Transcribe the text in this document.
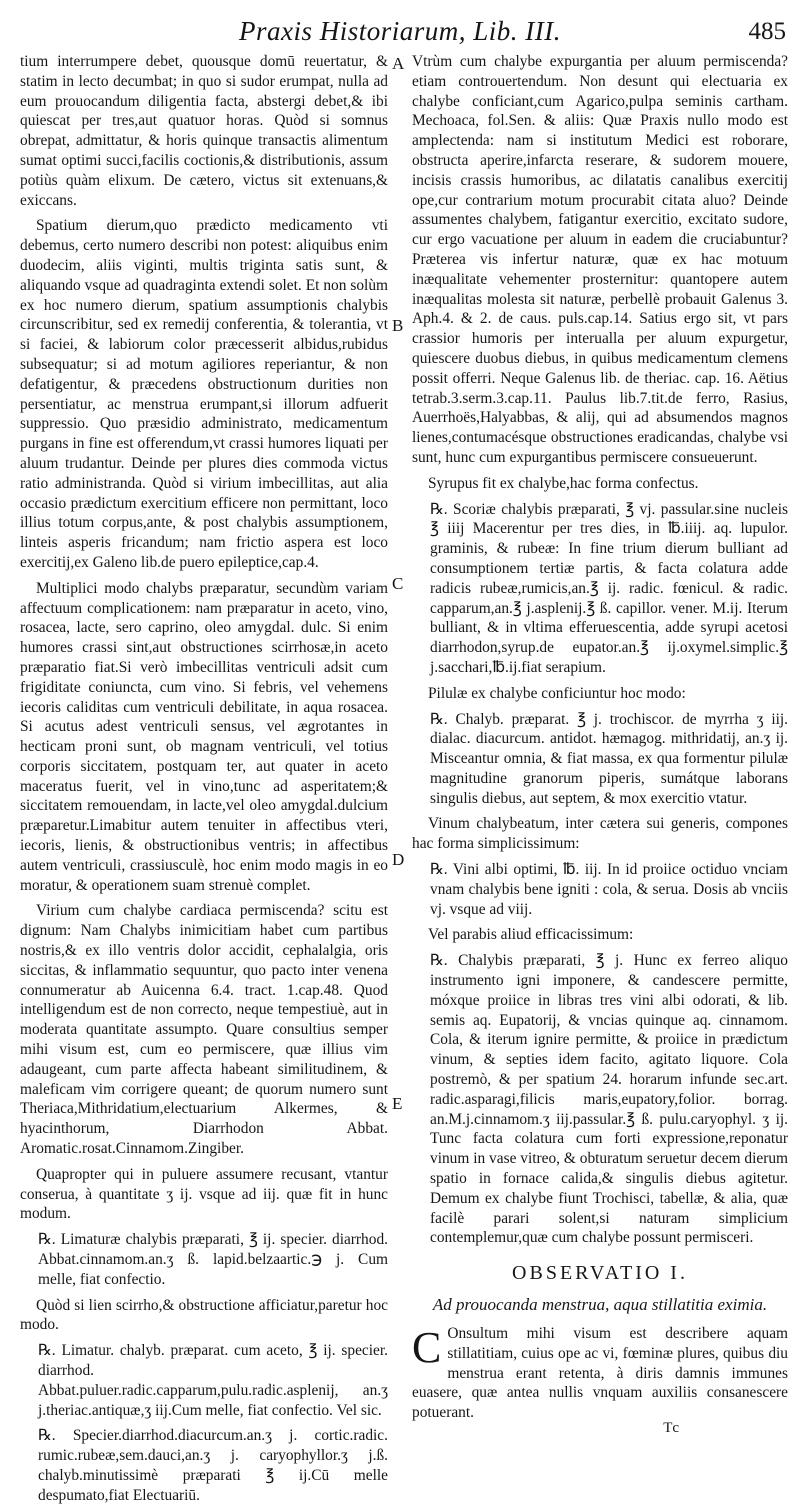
Praxis Historiarum, Lib. III.	485
A
B
C
D
E

tium interrumpere debet, quousque domū reuertatur, & statim in lecto decumbat; in quo si sudor erumpat, nulla ad eum prouocandum diligentia facta, abstergi debet,& ibi quiescat per tres,aut quatuor horas. Quòd si somnus obrepat, admittatur, & horis quinque transactis alimentum sumat optimi succi,facilis coctionis,& distributionis, assum potiùs quàm elixum. De cætero, victus sit extenuans,& exiccans.

Spatium dierum,quo prædicto medicamento vti debemus, certo numero describi non potest: aliquibus enim duodecim, aliis viginti, multis triginta satis sunt, & aliquando vsque ad quadraginta extendi solet. Et non solùm ex hoc numero dierum, spatium assumptionis chalybis circunscribitur, sed ex remedij conferentia, & tolerantia, vt si faciei, & labiorum color præcesserit albidus,rubidus subsequatur; si ad motum agiliores reperiantur, & non defatigentur, & præcedens obstructionum durities non persentiatur, ac menstrua erumpant,si illorum adfuerit suppressio. Quo præsidio administrato, medicamentum purgans in fine est offerendum,vt crassi humores liquati per aluum trudantur. Deinde per plures dies commoda victus ratio administranda. Quòd si virium imbecillitas, aut alia occasio prædictum exercitium efficere non permittant, loco illius totum corpus,ante, & post chalybis assumptionem, linteis asperis fricandum; nam frictio aspera est loco exercitij,ex Galeno lib.de puero epileptice,cap.4.

Multiplici modo chalybs præparatur, secundùm variam affectuum complicationem: nam præparatur in aceto, vino, rosacea, lacte, sero caprino, oleo amygdal. dulc. Si enim humores crassi sint,aut obstructiones scirrhosæ,in aceto præparatio fiat.Si verò imbecillitas ventriculi adsit cum frigiditate coniuncta, cum vino. Si febris, vel vehemens iecoris caliditas cum ventriculi debilitate, in aqua rosacea. Si acutus adest ventriculi sensus, vel ægrotantes in hecticam proni sunt, ob magnam ventriculi, vel totius corporis siccitatem, postquam ter, aut quater in aceto maceratus fuerit, vel in vino,tunc ad asperitatem;& siccitatem remouendam, in lacte,vel oleo amygdal.dulcium præparetur.Limabitur autem tenuiter in affectibus vteri, iecoris, lienis, & obstructionibus ventris; in affectibus autem ventriculi, crassiusculè, hoc enim modo magis in eo moratur, & operationem suam strenuè complet.

Virium cum chalybe cardiaca permiscenda? scitu est dignum: Nam Chalybs inimicitiam habet cum partibus nostris,& ex illo ventris dolor accidit, cephalalgia, oris siccitas, & inflammatio sequuntur, quo pacto inter venena connumeratur ab Auicenna 6.4. tract. 1.cap.48. Quod intelligendum est de non correcto, neque tempestiuè, aut in moderata quantitate assumpto. Quare consultius semper mihi visum est, cum eo permiscere, quæ illius vim adaugeant, cum parte affecta habeant similitudinem, & maleficam vim corrigere queant; de quorum numero sunt Theriaca,Mithridatium,electuarium Alkermes, & hyacinthorum, Diarrhodon Abbat. Aromatic.rosat.Cinnamom.Zingiber.

Quapropter qui in puluere assumere recusant, vtantur conserua, à quantitate ʒ ij. vsque ad iij. quæ fit in hunc modum.

℞. Limaturæ chalybis præparati, ℥ ij. specier. diarrhod. Abbat.cinnamom.an.ʒ ß. lapid.belzaartic.℈ j. Cum melle, fiat confectio.

Quòd si lien scirrho,& obstructione afficiatur,paretur hoc modo.

℞. Limatur. chalyb. præparat. cum aceto, ℥ ij. specier. diarrhod. Abbat.puluer.radic.capparum,pulu.radic.asplenij, an.ʒ j.theriac.antiquæ,ʒ iij.Cum melle, fiat confectio. Vel sic.

℞. Specier.diarrhod.diacurcum.an.ʒ j. cortic.radic. rumic.rubeæ,sem.dauci,an.ʒ j. caryophyllor.ʒ j.ß. chalyb.minutissimè præparati ℥ ij.Cū melle despumato,fiat Electuariū.

Vtrùm cum chalybe expurgantia per aluum permiscenda? etiam controuertendum. Non desunt qui electuaria ex chalybe conficiant,cum Agarico,pulpa seminis cartham. Mechoaca, fol.Sen. & aliis: Quæ Praxis nullo modo est amplectenda: nam si institutum Medici est roborare, obstructa aperire,infarcta reserare, & sudorem mouere, incisis crassis humoribus, ac dilatatis canalibus exercitij ope,cur contrarium motum procurabit citata aluo? Deinde assumentes chalybem, fatigantur exercitio, excitato sudore, cur ergo vacuatione per aluum in eadem die cruciabuntur? Præterea vis infertur naturæ, quæ ex hac motuum inæqualitate vehementer prosternitur: quantopere autem inæqualitas molesta sit naturæ, perbellè probauit Galenus 3. Aph.4. & 2. de caus. puls.cap.14. Satius ergo sit, vt pars crassior humoris per interualla per aluum expurgetur, quiescere duobus diebus, in quibus medicamentum clemens possit offerri. Neque Galenus lib. de theriac. cap. 16. Aëtius tetrab.3.serm.3.cap.11. Paulus lib.7.tit.de ferro, Rasius, Auerrhoës,Halyabbas, & alij, qui ad absumendos magnos lienes,contumacésque obstructiones eradicandas, chalybe vsi sunt, hunc cum expurgantibus permiscere consueuerunt.

Syrupus fit ex chalybe,hac forma confectus.

℞. Scoriæ chalybis præparati, ℥ vj. passular.sine nucleis ℥ iiij Macerentur per tres dies, in ℔.iiij. aq. lupulor. graminis, & rubeæ: In fine trium dierum bulliant ad consumptionem tertiæ partis, & facta colatura adde radicis rubeæ,rumicis,an.℥ ij. radic. fœnicul. & radic. capparum,an.℥ j.asplenij.℥ ß. capillor. vener. M.ij. Iterum bulliant, & in vltima efferuescentia, adde syrupi acetosi diarrhodon,syrup.de eupator.an.℥ ij.oxymel.simplic.℥ j.sacchari,℔.ij.fiat serapium.

Pilulæ ex chalybe conficiuntur hoc modo:

℞. Chalyb. præparat. ℥ j. trochiscor. de myrrha ʒ iij. dialac. diacurcum. antidot. hæmagog. mithridatij, an.ʒ ij. Misceantur omnia, & fiat massa, ex qua formentur pilulæ magnitudine granorum piperis, sumátque laborans singulis diebus, aut septem, & mox exercitio vtatur.

Vinum chalybeatum, inter cætera sui generis, compones hac forma simplicissimum:

℞. Vini albi optimi, ℔. iij. In id proiice octiduo vnciam vnam chalybis bene igniti : cola, & serua. Dosis ab vnciis vj. vsque ad viij.

Vel parabis aliud efficacissimum:

℞. Chalybis præparati, ℥ j. Hunc ex ferreo aliquo instrumento igni imponere, & candescere permitte, móxque proiice in libras tres vini albi odorati, & lib. semis aq. Eupatorij, & vncias quinque aq. cinnamom. Cola, & iterum ignire permitte, & proiice in prædictum vinum, & septies idem facito, agitato liquore. Cola postremò, & per spatium 24. horarum infunde sec.art. radic.asparagi,filicis maris,eupatory,folior. borrag. an.M.j.cinnamom.ʒ iij.passular.℥ ß. pulu.caryophyl. ʒ ij. Tunc facta colatura cum forti expressione,reponatur vinum in vase vitreo, & obturatum seruetur decem dierum spatio in fornace calida,& singulis diebus agitetur. Demum ex chalybe fiunt Trochisci, tabellæ, & alia, quæ facilè parari solent,si naturam simplicium contemplemur,quæ cum chalybe possunt permisceri.

OBSERVATIO I.
Ad prouocanda menstrua, aqua stillatitia eximia.

C Onsultum mihi visum est describere aquam stillatitiam, cuius ope ac vi, fœminæ plures, quibus diu menstrua erant retenta, à diris damnis immunes euasere, quæ antea nullis vnquam auxiliis consanescere potuerant.

Tc
